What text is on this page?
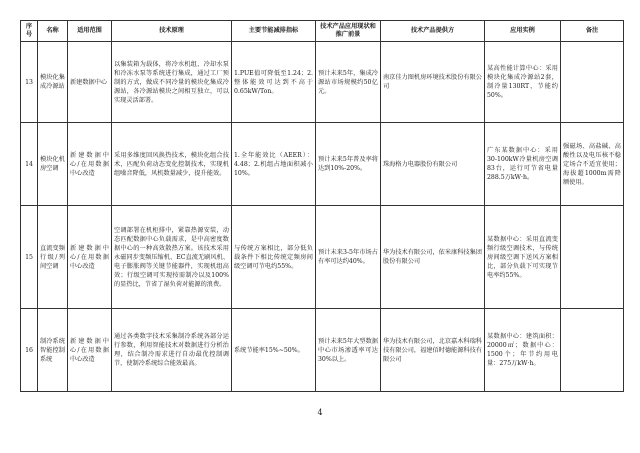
序号	名称	适用范围	技术原理	主要节能减排指标	技术产品应用现状和推广前景	技术产品提供方	应用实例	备注
13	模块化集成冷源站	新建数据中心	以集装箱为载体，将冷水机组、冷却水泵和冷冻水泵等系统进行集成，通过工厂预制的方式，做成不同冷量的模块化集成冷源站，各冷源站模块之间相互独立，可以实现灵活部署。	1.PUE值可降低至1.24；2.整体能效可达到不高于0.65kW/Ton。	预计未来5年，集成冷源站市场规模约50亿元。	南京佳力图机房环境技术股份有限公司	某高性能计算中心：采用模块化集成冷源站2套，制冷量130RT，节能约50%。	
14	模块化机房空调	新建数据中心/在用数据中心改造	采用多维度回风换热技术，模块化组合技术，匹配负荷动态变化控制技术，实现机组噪音降低，风机数量减少，提升能效。	1.全年能效比（AEER）：4.48；2.机组占地面积减小10%。	预计未来5年普及率将达到10%-20%。	珠海格力电器股份有限公司	广东某数据中心：采用30-100kW冷量机房空调83台，运行可节省电量288.5万kW·h。	强磁场、高盐碱、高酸性以及电压核不稳定场合不适宜使用；海拔超1000m需降额使用。
15	直流变频行级/列间空调	新建数据中心/在用数据中心改造	空调部署在机柜排中，紧靠热源安装，动态匹配数据中心负载需求，是中高密度数据中心的一种高效散热方案。该技术采用永磁同步变频压缩机、EC直流无刷风机、电子膨胀阀等关键节能器件，实现机组高效；行级空调可实现按需制冷以及100%的显热比，节省了湿负荷对能源的浪费。	与传统方案相比，部分低负载条件下相比传统定频房间级空调可节电约55%。	预计未来3-5年市场占有率可达约40%。	华为技术有限公司，依米康科技集团股份有限公司	某数据中心：采用直流变频行级空调技术，与传统房间级空调下送风方案相比，部分负载下可实现节电率约55%。	
16	制冷系统智能控制系统	新建数据中心/在用数据中心改造	通过各类数字技术采集制冷系统各部分运行参数，利用智能技术对数据进行分析治理，结合制冷需求进行自动最优控制调节，使制冷系统综合能效最高。	系统节能率15%~50%。	预计未来5年大型数据中心市场渗透率可达30%以上。	华为技术有限公司，北京嘉木科瑞科技有限公司，福建佰时德能源科技有限公司	某数据中心：建筑面积：20000㎡；数据中心：1500个；年节约用电量：275万kW·h。	
4
